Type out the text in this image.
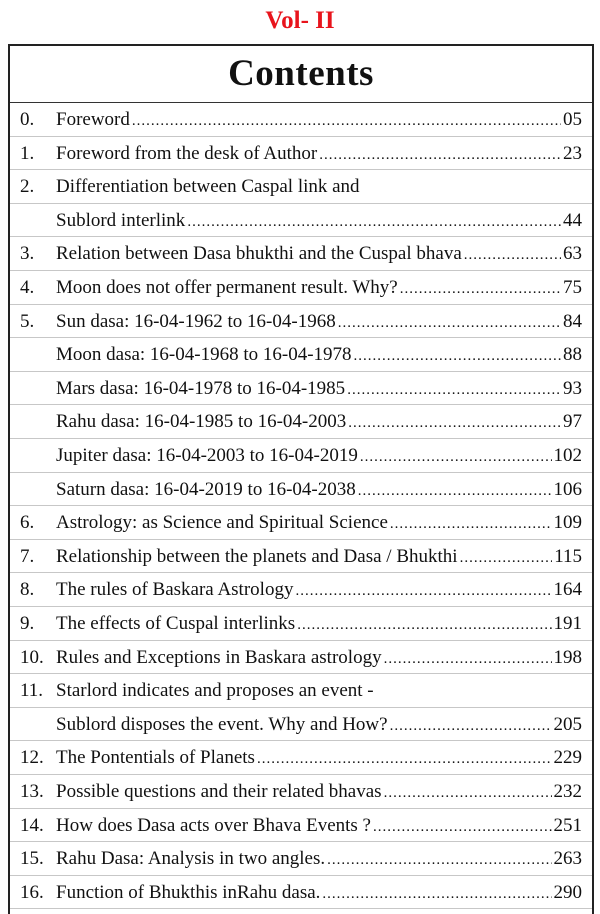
Vol- II
Contents
0.	Foreword .....	05
1.	Foreword from the desk of Author .....	23
2.	Differentiation between Caspal link and
Sublord interlink .....	44
3.	Relation between Dasa bhukthi and the Cuspal bhava .....	63
4.	Moon does not offer permanent result. Why? .....	75
5.	Sun dasa: 16-04-1962 to 16-04-1968 .....	84
Moon dasa: 16-04-1968 to 16-04-1978 .....	88
Mars dasa: 16-04-1978 to 16-04-1985 .....	93
Rahu dasa: 16-04-1985 to 16-04-2003 .....	97
Jupiter dasa: 16-04-2003 to 16-04-2019 .....	102
Saturn dasa: 16-04-2019 to 16-04-2038 .....	106
6.	Astrology: as Science and Spiritual Science .....	109
7.	Relationship between the planets and Dasa / Bhukthi .....	115
8.	The rules of Baskara Astrology .....	164
9.	The effects of Cuspal interlinks .....	191
10. Rules and Exceptions in Baskara astrology .....	198
11. Starlord indicates and proposes an event -
Sublord disposes the event. Why and How? .....	205
12. The Pontentials of Planets .....	229
13. Possible questions and their related bhavas .....	232
14. How does Dasa acts over Bhava Events ? .....	251
15. Rahu Dasa: Analysis in two angles. .....	263
16. Function of Bhukthis inRahu dasa. .....	290
